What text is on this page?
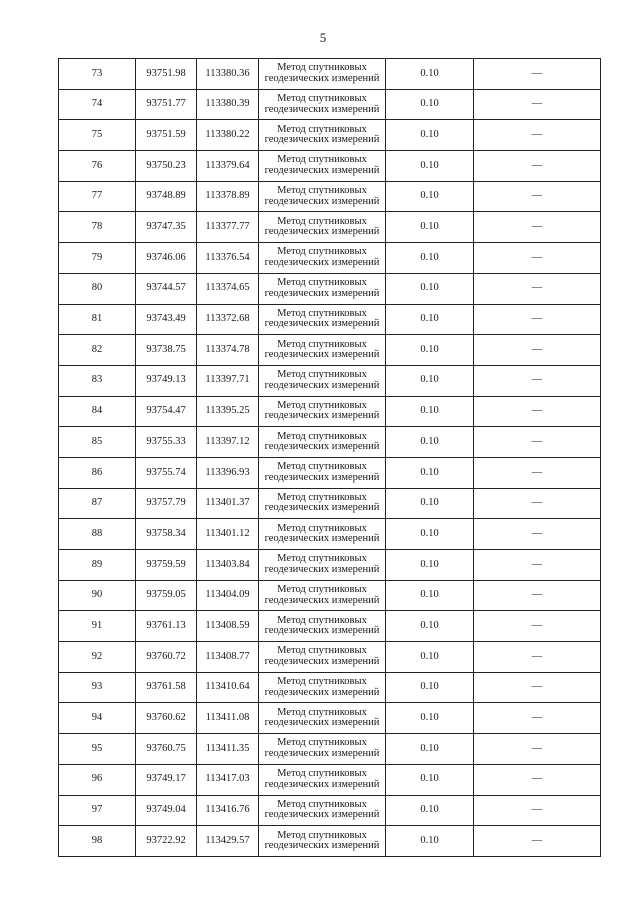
5
73	93751.98	113380.36	Метод спутниковых
геодезических измерений	0.10	—
74	93751.77	113380.39	Метод спутниковых
геодезических измерений	0.10	—
75	93751.59	113380.22	Метод спутниковых
геодезических измерений	0.10	—
76	93750.23	113379.64	Метод спутниковых
геодезических измерений	0.10	—
77	93748.89	113378.89	Метод спутниковых
геодезических измерений	0.10	—
78	93747.35	113377.77	Метод спутниковых
геодезических измерений	0.10	—
79	93746.06	113376.54	Метод спутниковых
геодезических измерений	0.10	—
80	93744.57	113374.65	Метод спутниковых
геодезических измерений	0.10	—
81	93743.49	113372.68	Метод спутниковых
геодезических измерений	0.10	—
82	93738.75	113374.78	Метод спутниковых
геодезических измерений	0.10	—
83	93749.13	113397.71	Метод спутниковых
геодезических измерений	0.10	—
84	93754.47	113395.25	Метод спутниковых
геодезических измерений	0.10	—
85	93755.33	113397.12	Метод спутниковых
геодезических измерений	0.10	—
86	93755.74	113396.93	Метод спутниковых
геодезических измерений	0.10	—
87	93757.79	113401.37	Метод спутниковых
геодезических измерений	0.10	—
88	93758.34	113401.12	Метод спутниковых
геодезических измерений	0.10	—
89	93759.59	113403.84	Метод спутниковых
геодезических измерений	0.10	—
90	93759.05	113404.09	Метод спутниковых
геодезических измерений	0.10	—
91	93761.13	113408.59	Метод спутниковых
геодезических измерений	0.10	—
92	93760.72	113408.77	Метод спутниковых
геодезических измерений	0.10	—
93	93761.58	113410.64	Метод спутниковых
геодезических измерений	0.10	—
94	93760.62	113411.08	Метод спутниковых
геодезических измерений	0.10	—
95	93760.75	113411.35	Метод спутниковых
геодезических измерений	0.10	—
96	93749.17	113417.03	Метод спутниковых
геодезических измерений	0.10	—
97	93749.04	113416.76	Метод спутниковых
геодезических измерений	0.10	—
98	93722.92	113429.57	Метод спутниковых
геодезических измерений	0.10	—
